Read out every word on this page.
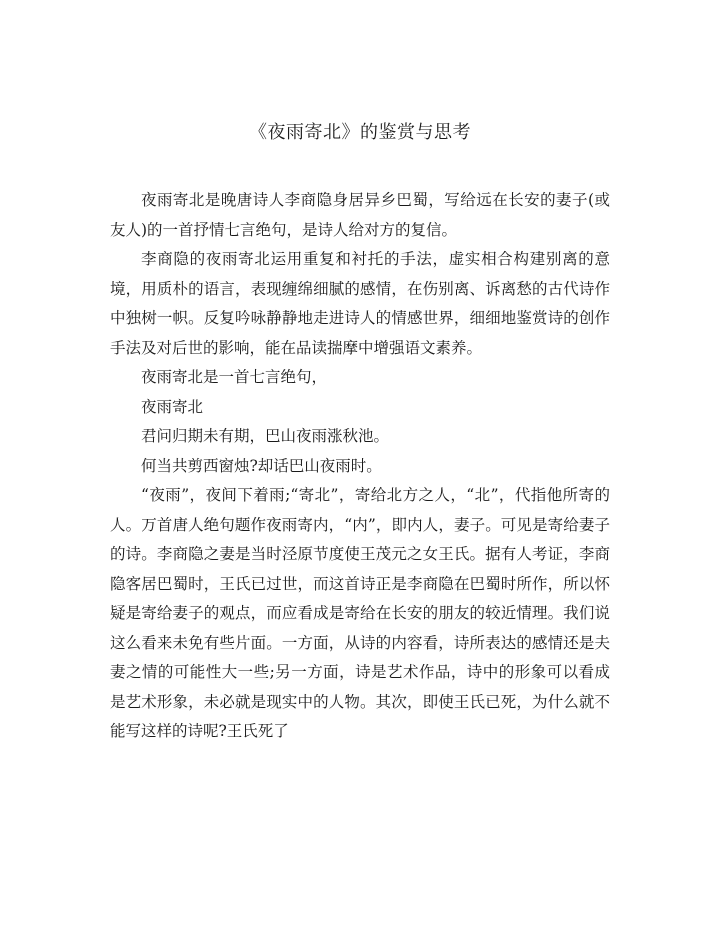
《夜雨寄北》的鉴赏与思考

夜雨寄北是晚唐诗人李商隐身居异乡巴蜀，写给远在长安的妻子(或友人)的一首抒情七言绝句，是诗人给对方的复信。

李商隐的夜雨寄北运用重复和衬托的手法，虚实相合构建别离的意境，用质朴的语言，表现缠绵细腻的感情，在伤别离、诉离愁的古代诗作中独树一帜。反复吟咏静静地走进诗人的情感世界，细细地鉴赏诗的创作手法及对后世的影响，能在品读揣摩中增强语文素养。

夜雨寄北是一首七言绝句，

夜雨寄北

君问归期未有期，巴山夜雨涨秋池。

何当共剪西窗烛?却话巴山夜雨时。

“夜雨”，夜间下着雨;“寄北”，寄给北方之人，“北”，代指他所寄的人。万首唐人绝句题作夜雨寄内，“内”，即内人，妻子。可见是寄给妻子的诗。李商隐之妻是当时泾原节度使王茂元之女王氏。据有人考证，李商隐客居巴蜀时，王氏已过世，而这首诗正是李商隐在巴蜀时所作，所以怀疑是寄给妻子的观点，而应看成是寄给在长安的朋友的较近情理。我们说这么看来未免有些片面。一方面，从诗的内容看，诗所表达的感情还是夫妻之情的可能性大一些;另一方面，诗是艺术作品，诗中的形象可以看成是艺术形象，未必就是现实中的人物。其次，即使王氏已死，为什么就不能写这样的诗呢?王氏死了
